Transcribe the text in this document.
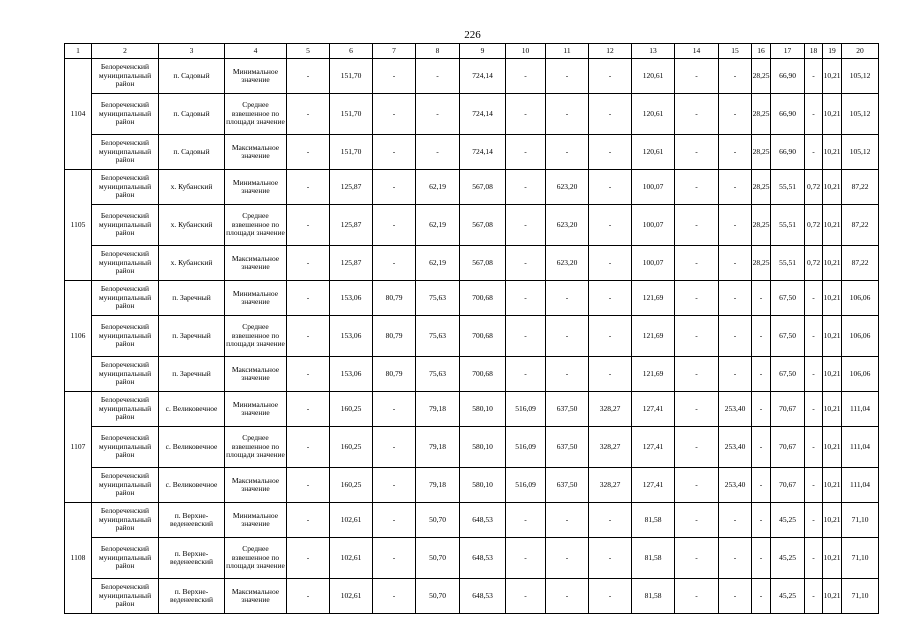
226
1	2	3	4	5	6	7	8	9	10	11	12	13	14	15	16	17	18	19	20
1104	Белореченский муниципальный район	п. Садовый	Минимальное значение	-	151,70	-	-	724,14	-	-	-	120,61	-	-	28,25	66,90	-	10,21	105,12
	Белореченский муниципальный район	п. Садовый	Среднее взвешенное по площади значение	-	151,70	-	-	724,14	-	-	-	120,61	-	-	28,25	66,90	-	10,21	105,12
	Белореченский муниципальный район	п. Садовый	Максимальное значение	-	151,70	-	-	724,14	-	-	-	120,61	-	-	28,25	66,90	-	10,21	105,12
1105	Белореченский муниципальный район	х. Кубанский	Минимальное значение	-	125,87	-	62,19	567,08	-	623,20	-	100,07	-	-	28,25	55,51	0,72	10,21	87,22
	Белореченский муниципальный район	х. Кубанский	Среднее взвешенное по площади значение	-	125,87	-	62,19	567,08	-	623,20	-	100,07	-	-	28,25	55,51	0,72	10,21	87,22
	Белореченский муниципальный район	х. Кубанский	Максимальное значение	-	125,87	-	62,19	567,08	-	623,20	-	100,07	-	-	28,25	55,51	0,72	10,21	87,22
1106	Белореченский муниципальный район	п. Заречный	Минимальное значение	-	153,06	80,79	75,63	700,68	-	-	-	121,69	-	-	-	67,50	-	10,21	106,06
	Белореченский муниципальный район	п. Заречный	Среднее взвешенное по площади значение	-	153,06	80,79	75,63	700,68	-	-	-	121,69	-	-	-	67,50	-	10,21	106,06
	Белореченский муниципальный район	п. Заречный	Максимальное значение	-	153,06	80,79	75,63	700,68	-	-	-	121,69	-	-	-	67,50	-	10,21	106,06
1107	Белореченский муниципальный район	с. Великовечное	Минимальное значение	-	160,25	-	79,18	580,10	516,09	637,50	328,27	127,41	-	253,40	-	70,67	-	10,21	111,04
	Белореченский муниципальный район	с. Великовечное	Среднее взвешенное по площади значение	-	160,25	-	79,18	580,10	516,09	637,50	328,27	127,41	-	253,40	-	70,67	-	10,21	111,04
	Белореченский муниципальный район	с. Великовечное	Максимальное значение	-	160,25	-	79,18	580,10	516,09	637,50	328,27	127,41	-	253,40	-	70,67	-	10,21	111,04
1108	Белореченский муниципальный район	п. Верхне-веденеевский	Минимальное значение	-	102,61	-	50,70	648,53	-	-	-	81,58	-	-	-	45,25	-	10,21	71,10
	Белореченский муниципальный район	п. Верхне-веденеевский	Среднее взвешенное по площади значение	-	102,61	-	50,70	648,53	-	-	-	81,58	-	-	-	45,25	-	10,21	71,10
	Белореченский муниципальный район	п. Верхне-веденеевский	Максимальное значение	-	102,61	-	50,70	648,53	-	-	-	81,58	-	-	-	45,25	-	10,21	71,10
